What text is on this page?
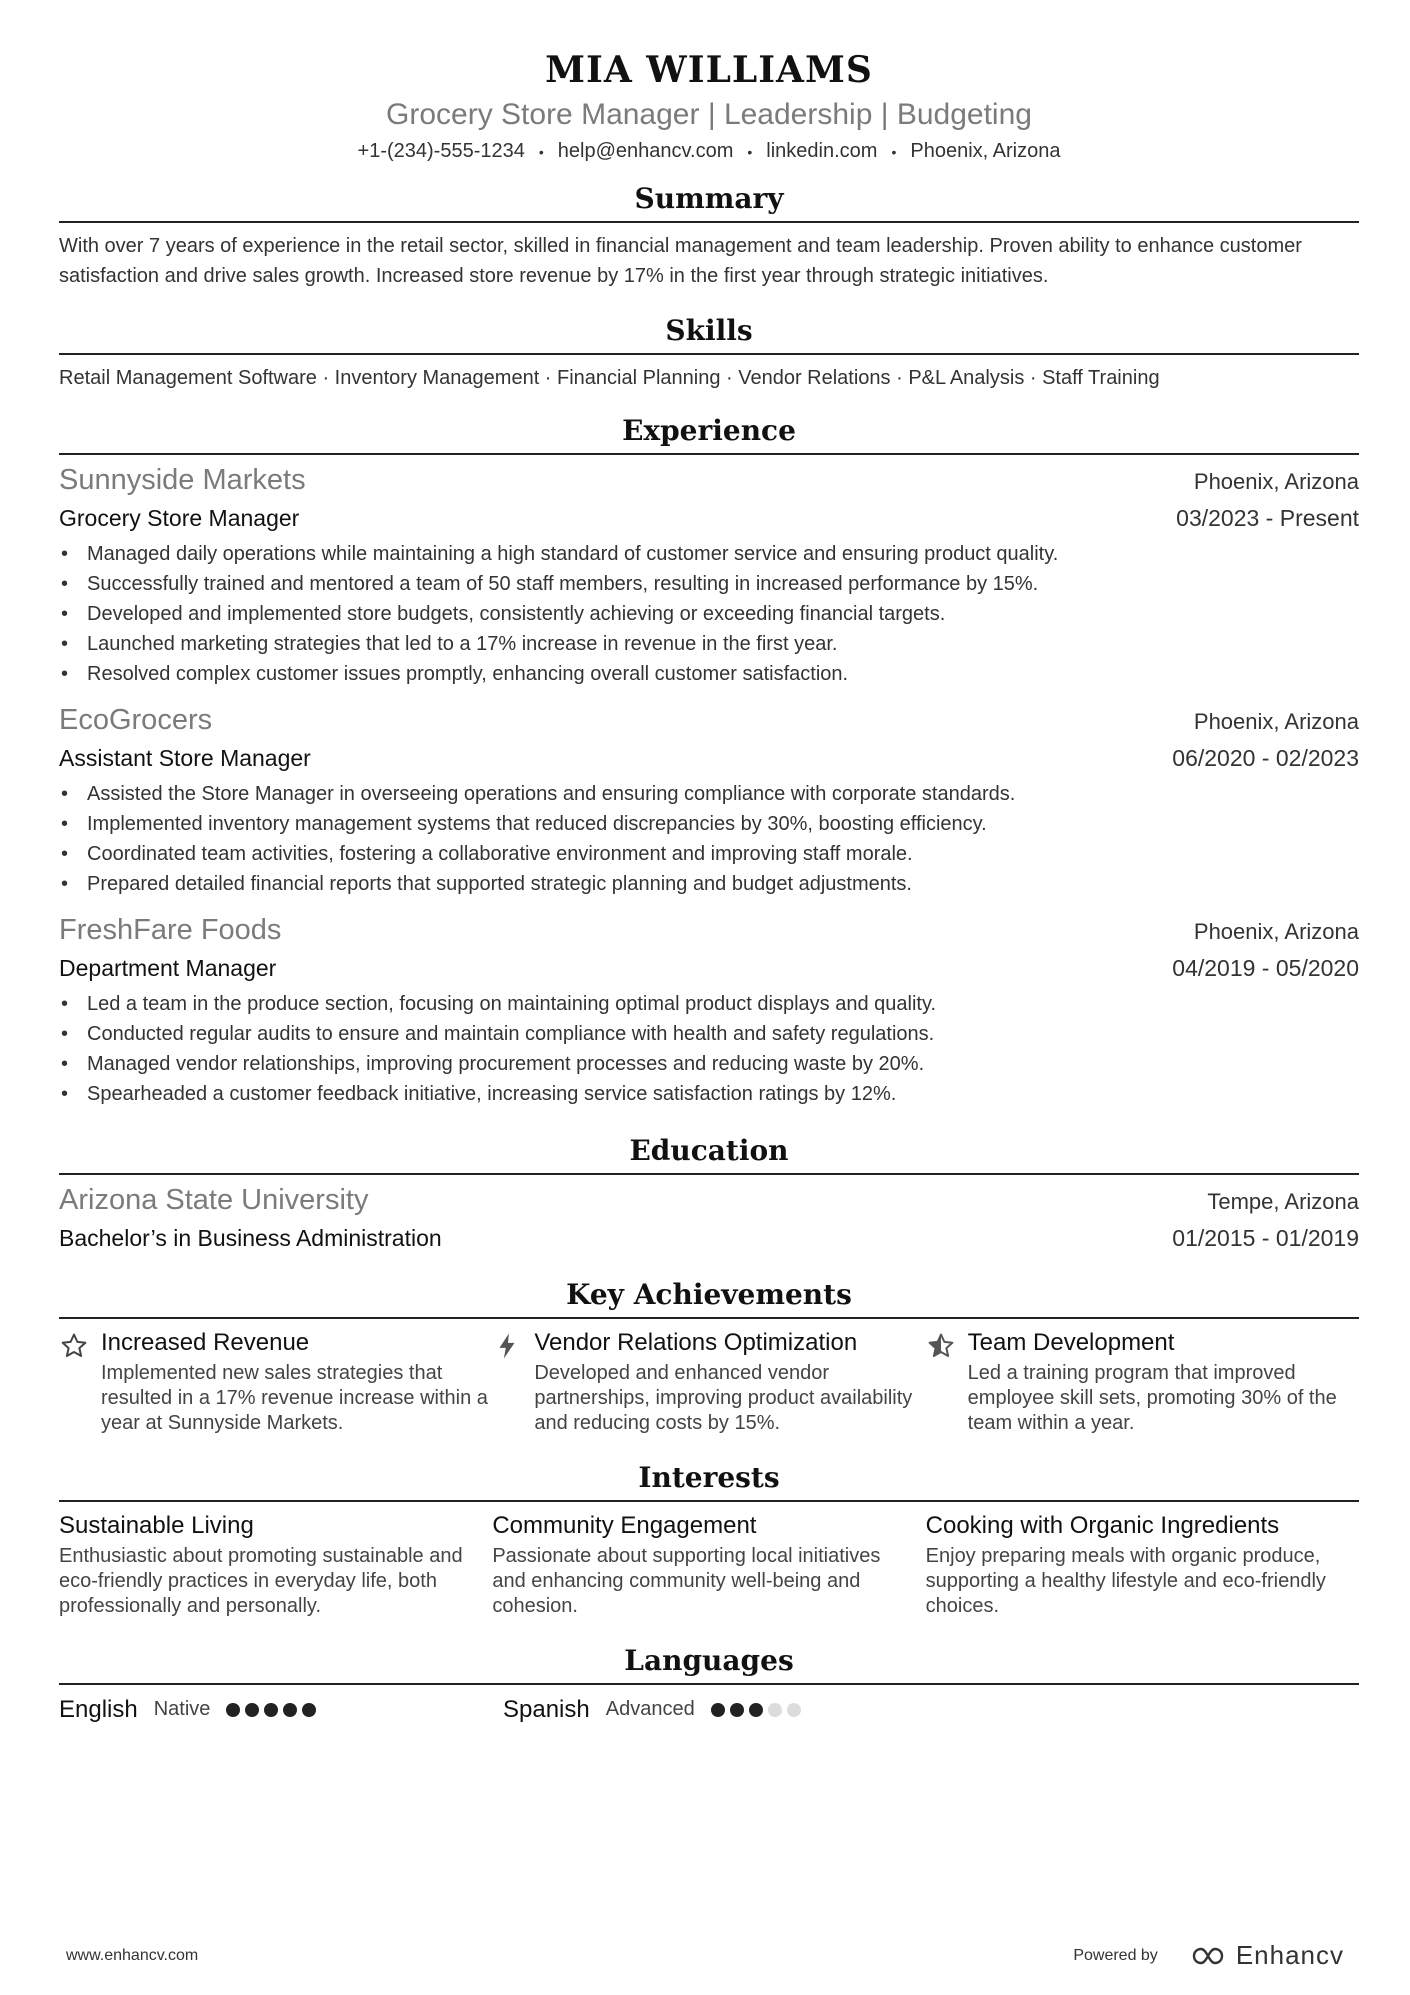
MIA WILLIAMS
Grocery Store Manager | Leadership | Budgeting
+1-(234)-555-1234 • help@enhancv.com • linkedin.com • Phoenix, Arizona
Summary
With over 7 years of experience in the retail sector, skilled in financial management and team leadership. Proven ability to enhance customer satisfaction and drive sales growth. Increased store revenue by 17% in the first year through strategic initiatives.
Skills
Retail Management Software · Inventory Management · Financial Planning · Vendor Relations · P&L Analysis · Staff Training
Experience
Sunnyside Markets	Phoenix, Arizona
Grocery Store Manager	03/2023 - Present
• Managed daily operations while maintaining a high standard of customer service and ensuring product quality.
• Successfully trained and mentored a team of 50 staff members, resulting in increased performance by 15%.
• Developed and implemented store budgets, consistently achieving or exceeding financial targets.
• Launched marketing strategies that led to a 17% increase in revenue in the first year.
• Resolved complex customer issues promptly, enhancing overall customer satisfaction.
EcoGrocers	Phoenix, Arizona
Assistant Store Manager	06/2020 - 02/2023
• Assisted the Store Manager in overseeing operations and ensuring compliance with corporate standards.
• Implemented inventory management systems that reduced discrepancies by 30%, boosting efficiency.
• Coordinated team activities, fostering a collaborative environment and improving staff morale.
• Prepared detailed financial reports that supported strategic planning and budget adjustments.
FreshFare Foods	Phoenix, Arizona
Department Manager	04/2019 - 05/2020
• Led a team in the produce section, focusing on maintaining optimal product displays and quality.
• Conducted regular audits to ensure and maintain compliance with health and safety regulations.
• Managed vendor relationships, improving procurement processes and reducing waste by 20%.
• Spearheaded a customer feedback initiative, increasing service satisfaction ratings by 12%.
Education
Arizona State University	Tempe, Arizona
Bachelor’s in Business Administration	01/2015 - 01/2019
Key Achievements
Increased Revenue
Implemented new sales strategies that resulted in a 17% revenue increase within a year at Sunnyside Markets.
Vendor Relations Optimization
Developed and enhanced vendor partnerships, improving product availability and reducing costs by 15%.
Team Development
Led a training program that improved employee skill sets, promoting 30% of the team within a year.
Interests
Sustainable Living
Enthusiastic about promoting sustainable and eco-friendly practices in everyday life, both professionally and personally.
Community Engagement
Passionate about supporting local initiatives and enhancing community well-being and cohesion.
Cooking with Organic Ingredients
Enjoy preparing meals with organic produce, supporting a healthy lifestyle and eco-friendly choices.
Languages
English Native	Spanish Advanced
www.enhancv.com	Powered by	Enhancv
